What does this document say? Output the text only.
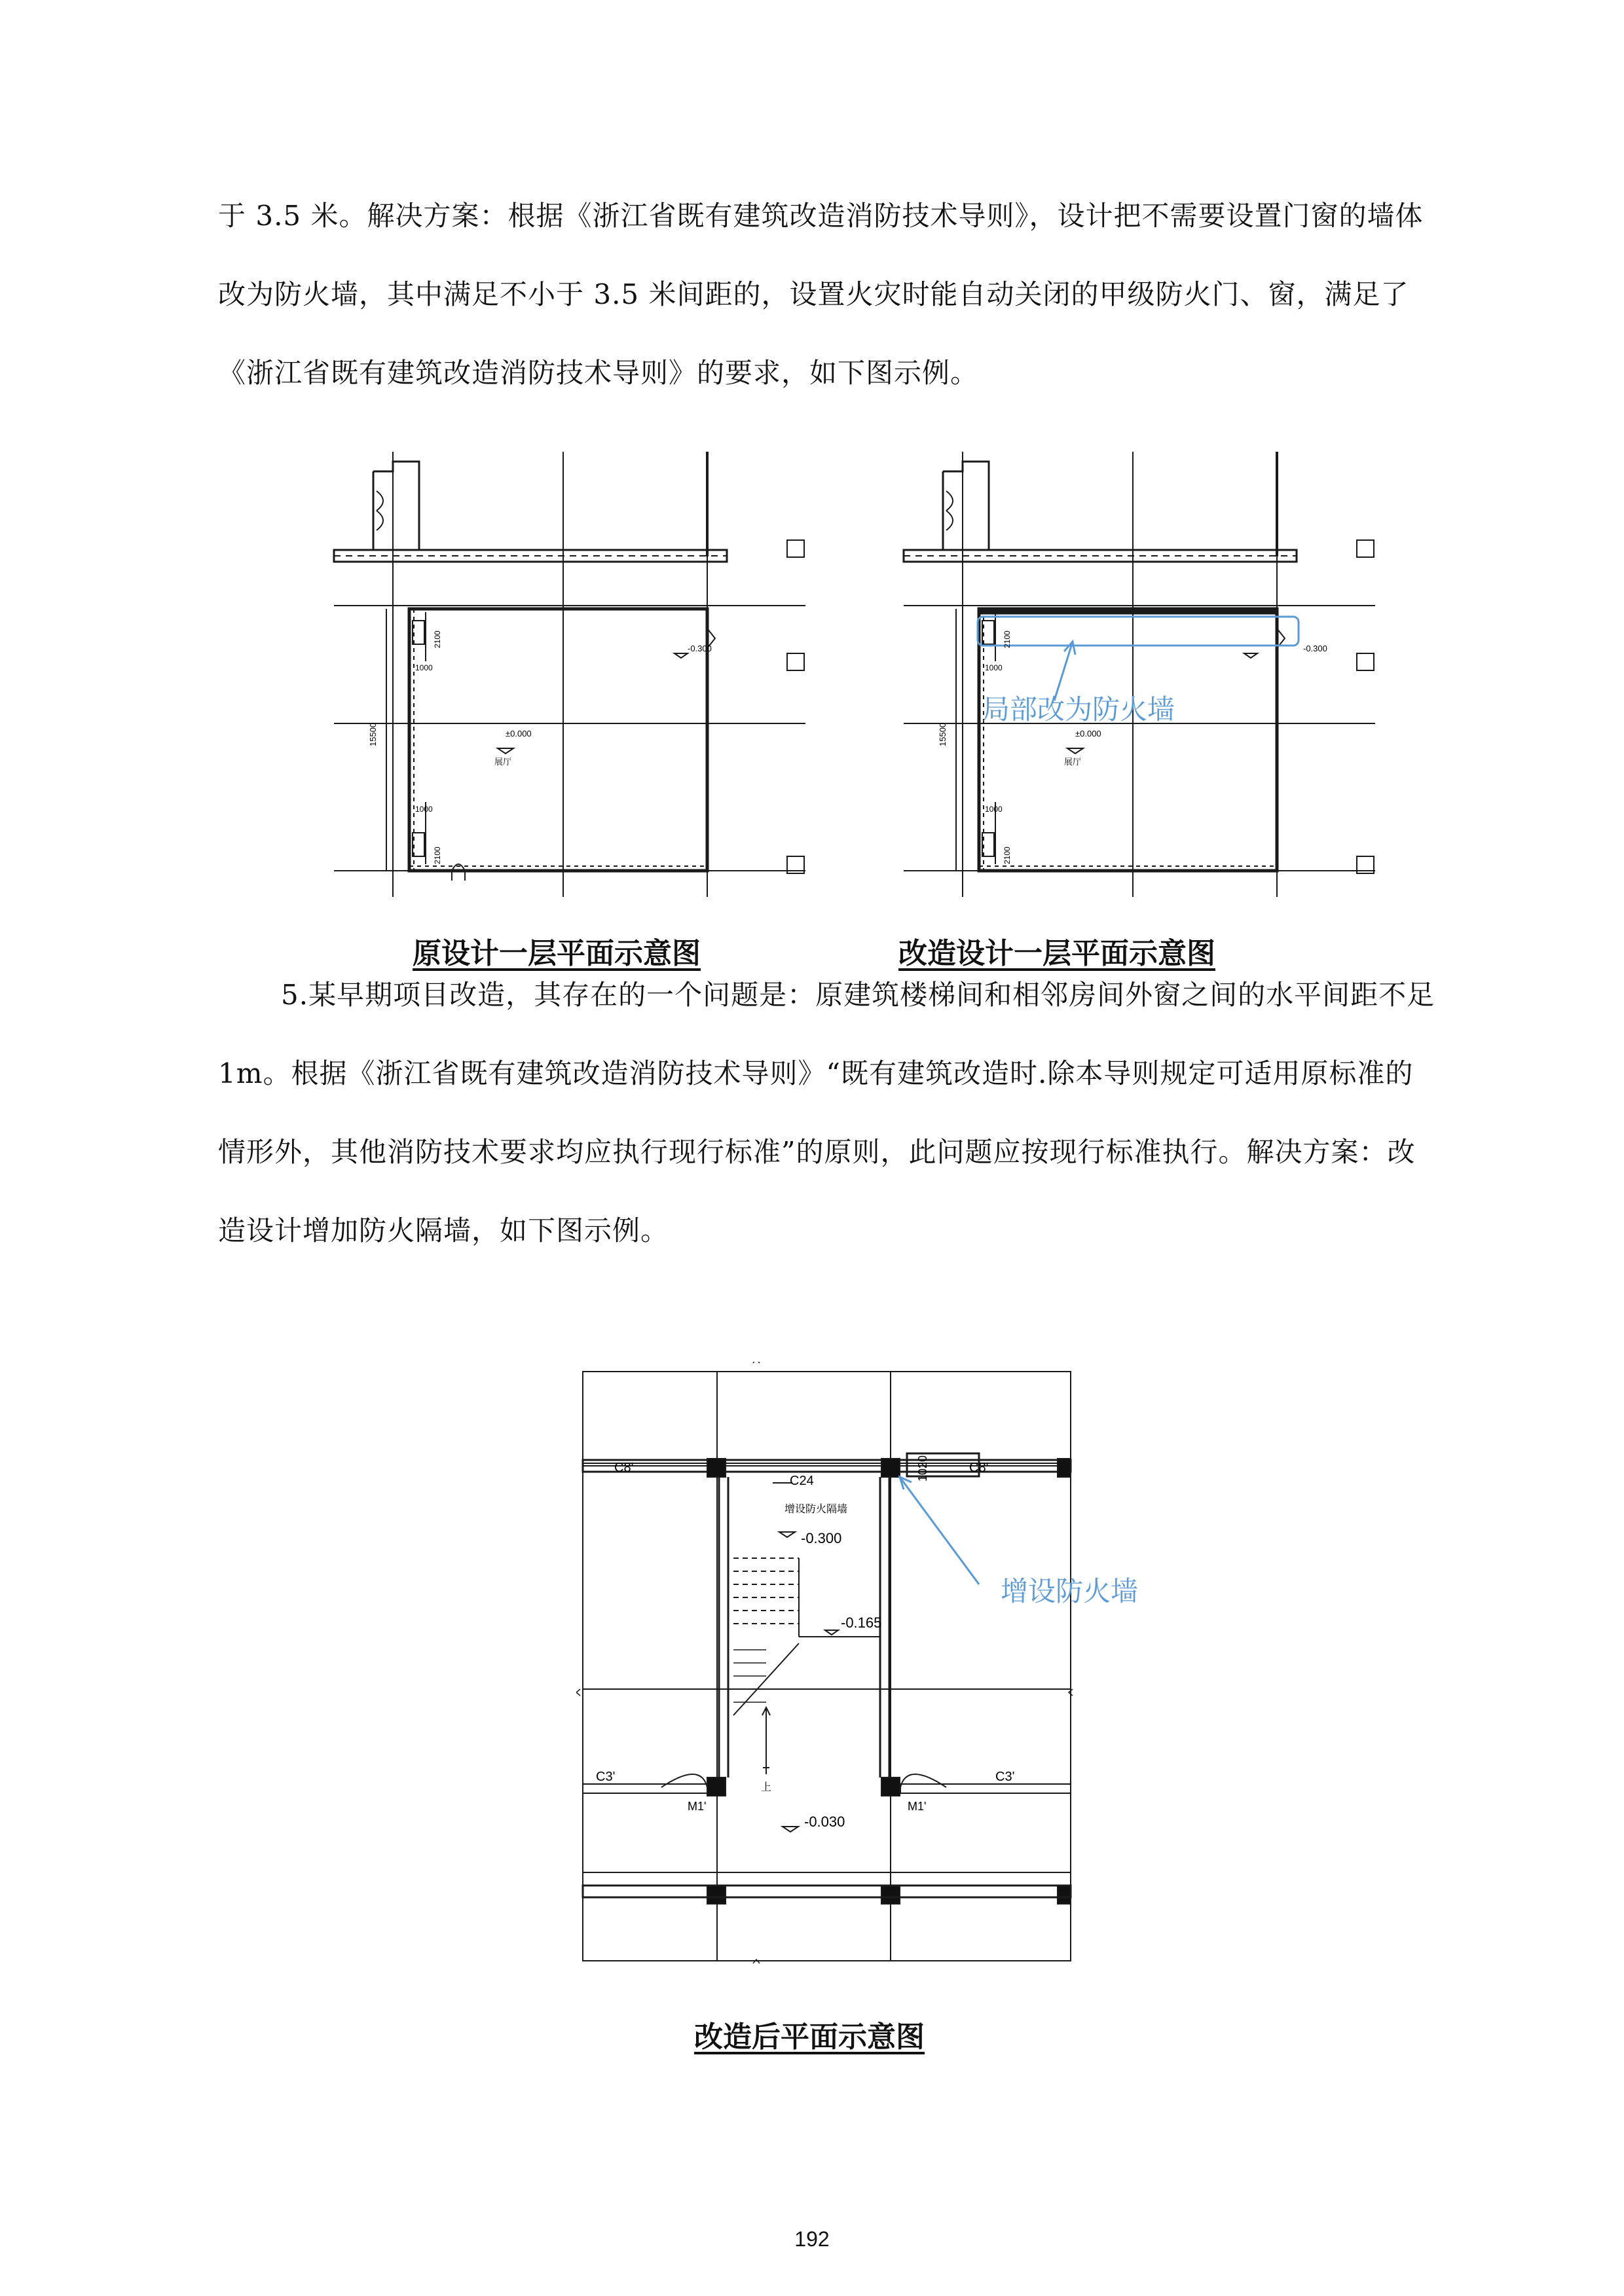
于 3.5 米。解决方案：根据《浙江省既有建筑改造消防技术导则》，设计把不需要设置门窗的墙体改为防火墙，其中满足不小于 3.5 米间距的，设置火灾时能自动关闭的甲级防火门、窗，满足了《浙江省既有建筑改造消防技术导则》的要求，如下图示例。

15500
2100
1000
1000
2100
-0.300
±0.000
展厅
局部改为防火墙
15500
2100
1000
1000
2100
-0.300
±0.000
展厅
原设计一层平面示意图	改造设计一层平面示意图

5.某早期项目改造，其存在的一个问题是：原建筑楼梯间和相邻房间外窗之间的水平间距不足 1m。根据《浙江省既有建筑改造消防技术导则》“既有建筑改造时.除本导则规定可适用原标准的情形外，其他消防技术要求均应执行现行标准”的原则，此问题应按现行标准执行。解决方案：改造设计增加防火隔墙，如下图示例。

增设防火墙
C8'
C24
C8'
1020
增设防火隔墙
-0.300
-0.165
-0.030
C3'	C3'
M1'	M1'
上
改造后平面示意图
192
